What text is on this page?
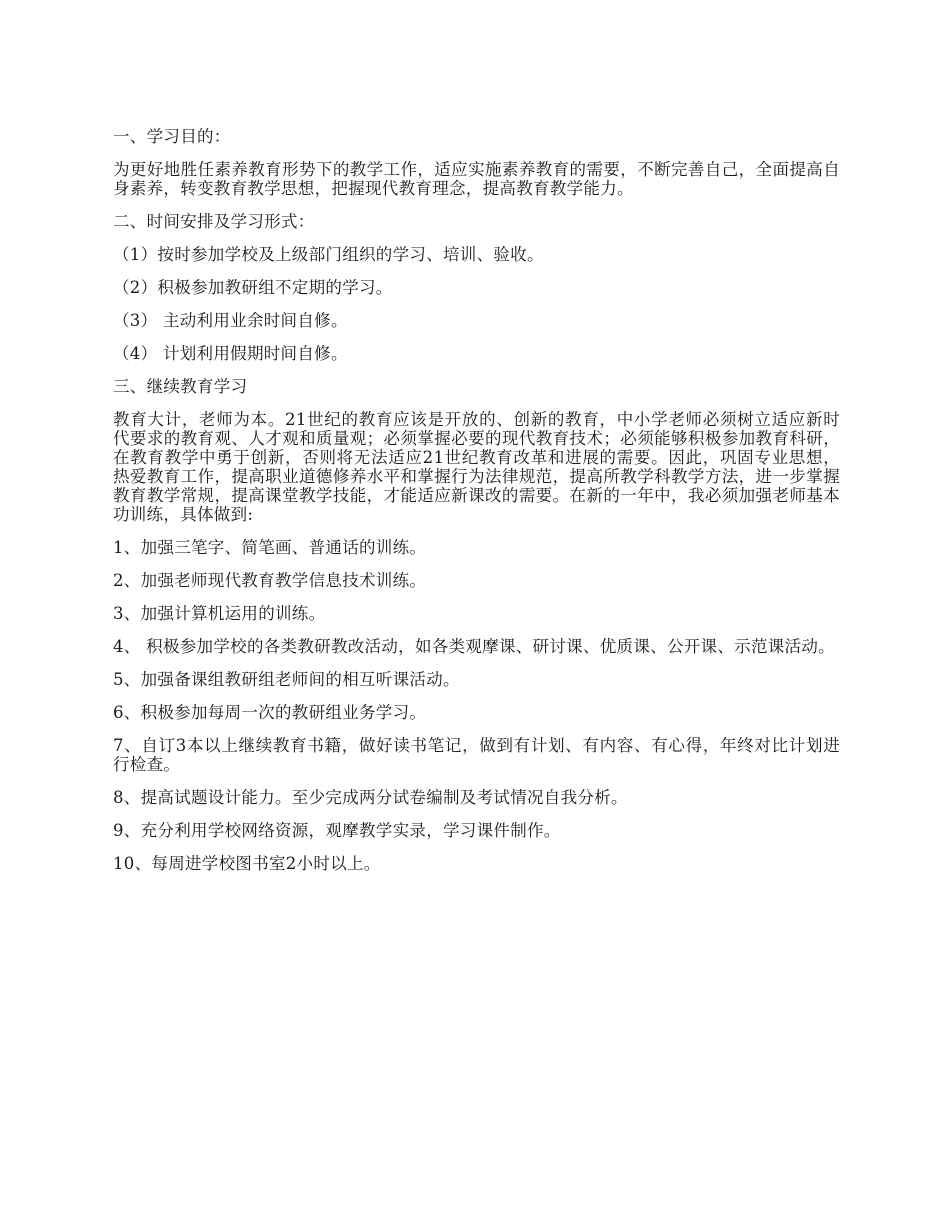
一、学习目的：

为更好地胜任素养教育形势下的教学工作，适应实施素养教育的需要，不断完善自己，全面提高自身素养，转变教育教学思想，把握现代教育理念，提高教育教学能力。

二、时间安排及学习形式：

（1）按时参加学校及上级部门组织的学习、培训、验收。

（2）积极参加教研组不定期的学习。

（3） 主动利用业余时间自修。

（4） 计划利用假期时间自修。

三、继续教育学习

教育大计，老师为本。21世纪的教育应该是开放的、创新的教育，中小学老师必须树立适应新时代要求的教育观、人才观和质量观；必须掌握必要的现代教育技术；必须能够积极参加教育科研，在教育教学中勇于创新，否则将无法适应21世纪教育改革和进展的需要。因此，巩固专业思想，热爱教育工作，提高职业道德修养水平和掌握行为法律规范，提高所教学科教学方法，进一步掌握教育教学常规，提高课堂教学技能，才能适应新课改的需要。在新的一年中，我必须加强老师基本功训练，具体做到:

1、加强三笔字、简笔画、普通话的训练。

2、加强老师现代教育教学信息技术训练。

3、加强计算机运用的训练。

4、 积极参加学校的各类教研教改活动，如各类观摩课、研讨课、优质课、公开课、示范课活动。

5、加强备课组教研组老师间的相互听课活动。

6、积极参加每周一次的教研组业务学习。

7、自订3本以上继续教育书籍，做好读书笔记，做到有计划、有内容、有心得，年终对比计划进行检查。

8、提高试题设计能力。至少完成两分试卷编制及考试情况自我分析。

9、充分利用学校网络资源，观摩教学实录，学习课件制作。

10、每周进学校图书室2小时以上。
